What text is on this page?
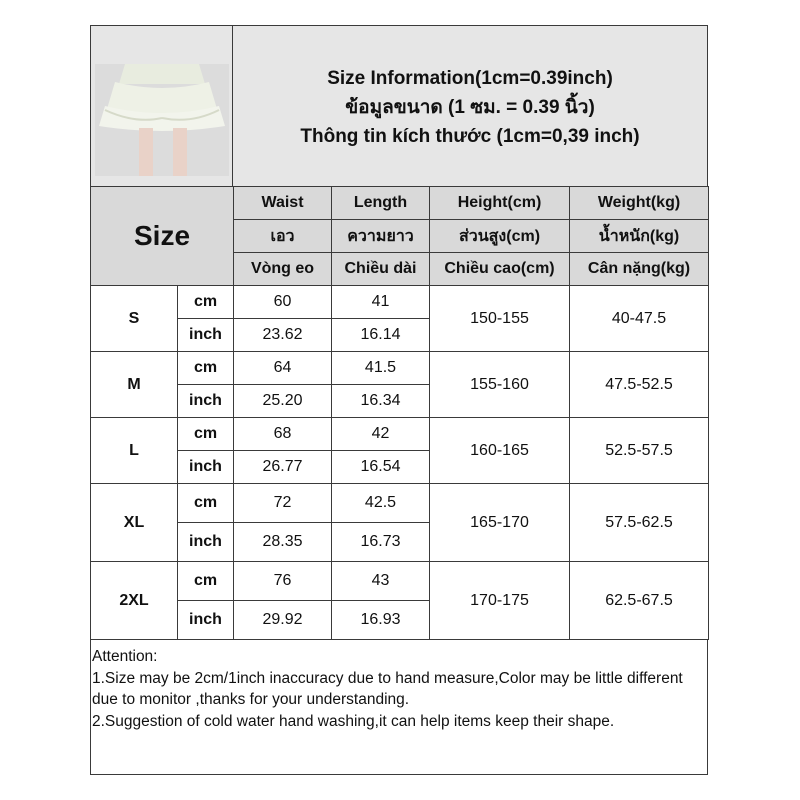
Size Information(1cm=0.39inch)
ข้อมูลขนาด (1 ซม. = 0.39 นิ้ว)
Thông tin kích thước (1cm=0,39 inch)
Size		Waist	Length	Height(cm)	Weight(kg)
		เอว	ความยาว	ส่วนสูง(cm)	น้ำหนัก(kg)
		Vòng eo	Chiều dài	Chiều cao(cm)	Cân nặng(kg)
S	cm	60	41	150-155	40-47.5
	inch	23.62	16.14		
M	cm	64	41.5	155-160	47.5-52.5
	inch	25.20	16.34		
L	cm	68	42	160-165	52.5-57.5
	inch	26.77	16.54		
XL	cm	72	42.5	165-170	57.5-62.5
	inch	28.35	16.73		
2XL	cm	76	43	170-175	62.5-67.5
	inch	29.92	16.93		

Attention:

1.Size may be 2cm/1inch inaccuracy due to hand measure,Color may be little different due to monitor ,thanks for your understanding.

2.Suggestion of cold water hand washing,it can help items keep their shape.
